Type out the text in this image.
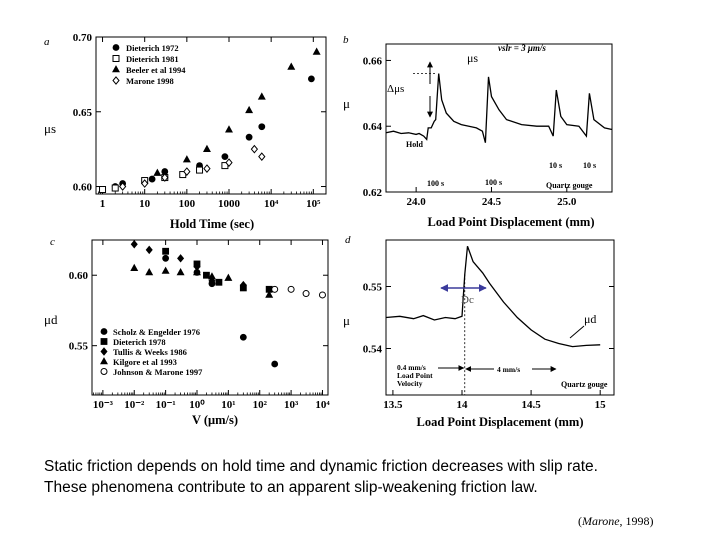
a	b
c	d
1	10	100 1000 10⁴	10⁵
0.60
0.65
0.70
Hold Time (sec)
μs
Dieterich 1972
Dieterich 1981
Beeler et al 1994
Marone 1998
24.0	24.5	25.0
0.62
0.64
0.66
Load Point Displacement (mm)
μ
μs
vslr = 3 μm/s
Δμs
Hold
100 s	100 s
10 s	10 s
Quartz gouge
10⁻³ 10⁻² 10⁻¹ 10⁰ 10¹ 10² 10³ 10⁴
0.55
0.60
V (μm/s)
μd
Scholz & Engelder 1976
Dieterich 1978
Tullis & Weeks 1986
Kilgore et al 1993
Johnson & Marone 1997
13.5	14	14.5	15
0.54
0.55
Load Point Displacement (mm)
μ
Dc
μd
0.4 mm/s
Load Point
Velocity
4 mm/s
Quartz gouge
Static friction depends on hold time and dynamic friction decreases with slip rate.
These phenomena contribute to an apparent slip-weakening friction law.
(Marone, 1998)
